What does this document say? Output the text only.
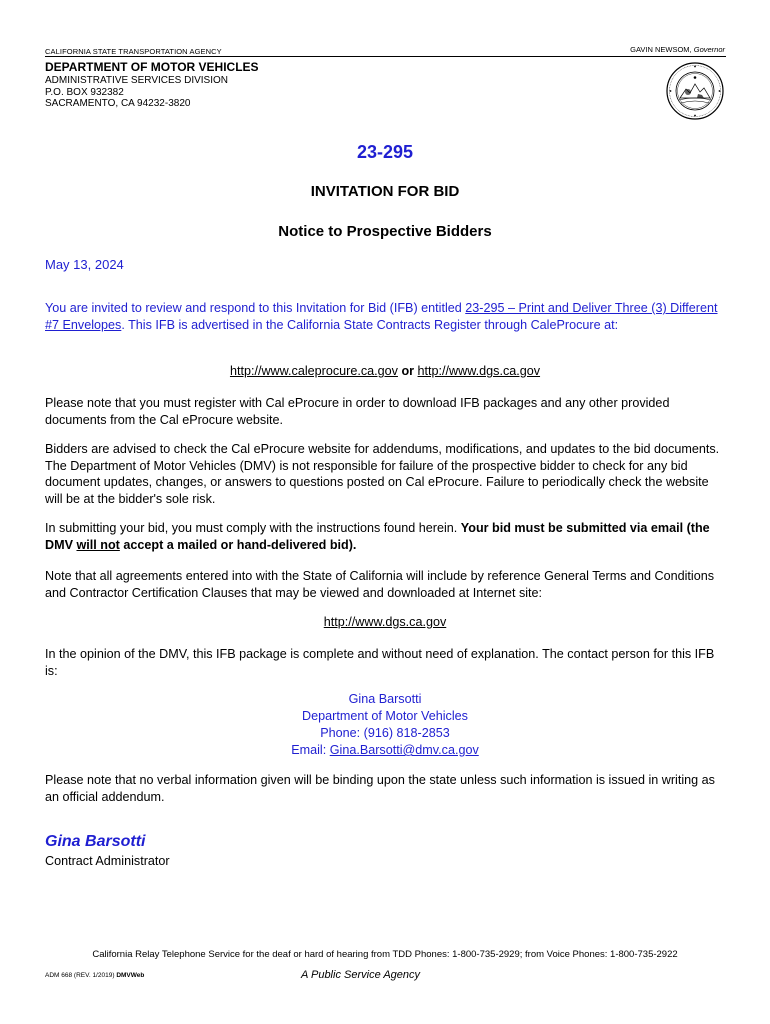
CALIFORNIA STATE TRANSPORTATION AGENCY	GAVIN NEWSOM, Governor
DEPARTMENT OF MOTOR VEHICLES
ADMINISTRATIVE SERVICES DIVISION
P.O. BOX 932382
SACRAMENTO, CA 94232-3820
23-295
INVITATION FOR BID
Notice to Prospective Bidders
May 13, 2024
You are invited to review and respond to this Invitation for Bid (IFB) entitled 23-295 – Print and Deliver Three (3) Different #7 Envelopes. This IFB is advertised in the California State Contracts Register through CaleProcure at:
http://www.caleprocure.ca.gov or http://www.dgs.ca.gov
Please note that you must register with Cal eProcure in order to download IFB packages and any other provided documents from the Cal eProcure website.
Bidders are advised to check the Cal eProcure website for addendums, modifications, and updates to the bid documents. The Department of Motor Vehicles (DMV) is not responsible for failure of the prospective bidder to check for any bid document updates, changes, or answers to questions posted on Cal eProcure. Failure to periodically check the website will be at the bidder's sole risk.
In submitting your bid, you must comply with the instructions found herein. Your bid must be submitted via email (the DMV will not accept a mailed or hand-delivered bid).
Note that all agreements entered into with the State of California will include by reference General Terms and Conditions and Contractor Certification Clauses that may be viewed and downloaded at Internet site:
http://www.dgs.ca.gov
In the opinion of the DMV, this IFB package is complete and without need of explanation. The contact person for this IFB is:
Gina Barsotti
Department of Motor Vehicles
Phone: (916) 818-2853
Email: Gina.Barsotti@dmv.ca.gov
Please note that no verbal information given will be binding upon the state unless such information is issued in writing as an official addendum.
Gina Barsotti
Contract Administrator
California Relay Telephone Service for the deaf or hard of hearing from TDD Phones: 1-800-735-2929; from Voice Phones: 1-800-735-2922
ADM 668 (REV. 1/2019) DMVWeb	A Public Service Agency
